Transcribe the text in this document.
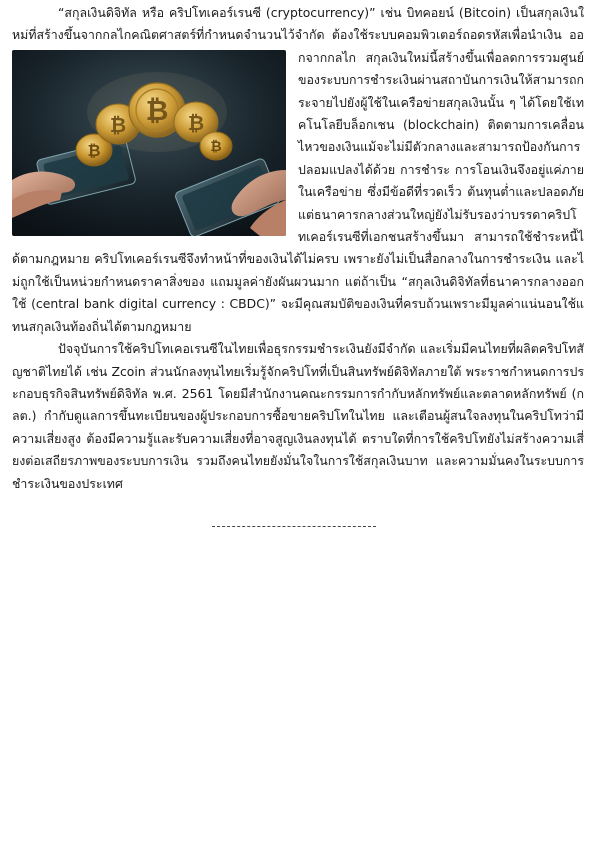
“สกุลเงินดิจิทัล หรือ คริปโทเคอร์เรนซี (cryptocurrency)” เช่น บิทคอยน์ (Bitcoin) เป็นสกุลเงินใหม่ที่สร้างขึ้นจากกลไกคณิตศาสตร์ที่กำหนดจำนวนไว้จำกัด ต้องใช้ระบบคอมพิวเตอร์ถอดรหัสเพื่อนำเงิน
₿
₿ ₿ ₿
₿
ออกจากกลไก สกุลเงินใหม่นี้สร้างขึ้นเพื่อลดการรวมศูนย์ของระบบการชำระเงินผ่านสถาบันการเงินให้สามารถกระจายไปยังผู้ใช้ในเครือข่ายสกุลเงินนั้น ๆ ได้โดยใช้เทคโนโลยีบล็อกเชน (blockchain) ติดตามการเคลื่อน ไหวของเงินแม้จะไม่มีตัวกลางและสามารถป้องกันการปลอมแปลงได้ด้วย การชำระ การโอนเงินจึงอยู่แค่ภายในเครือข่าย ซึ่งมีข้อดีที่รวดเร็ว ต้นทุนต่ำและปลอดภัย แต่ธนาคารกลางส่วนใหญ่ยังไม่รับรองว่าบรรดาคริปโทเคอร์เรนซีที่เอกชนสร้างขึ้นมา สามารถใช้ชำระหนี้ได้ตามกฎหมาย คริปโทเคอร์เรนซีจึงทำหน้าที่ของเงินได้ไม่ครบ เพราะยังไม่เป็นสื่อกลางในการชำระเงิน และไม่ถูกใช้เป็นหน่วยกำหนดราคาสิ่งของ แถมมูลค่ายังผันผวนมาก แต่ถ้าเป็น “สกุลเงินดิจิทัลที่ธนาคารกลางออกใช้ (central bank digital currency : CBDC)” จะมีคุณสมบัติของเงินที่ครบถ้วนเพราะมีมูลค่าแน่นอนใช้แทนสกุลเงินท้องถิ่นได้ตามกฎหมาย

ปัจจุบันการใช้คริปโทเคอเรนซีในไทยเพื่อธุรกรรมชำระเงินยังมีจำกัด และเริ่มมีคนไทยที่ผลิตคริปโทสัญชาติไทยได้ เช่น Zcoin ส่วนนักลงทุนไทยเริ่มรู้จักคริปโทที่เป็นสินทรัพย์ดิจิทัลภายใต้ พระราชกำหนดการประกอบธุรกิจสินทรัพย์ดิจิทัล พ.ศ. 2561 โดยมีสำนักงานคณะกรรมการกำกับหลักทรัพย์และตลาดหลักทรัพย์ (กลต.) กำกับดูแลการขึ้นทะเบียนของผู้ประกอบการซื้อขายคริปโทในไทย และเตือนผู้สนใจลงทุนในคริปโทว่ามีความเสี่ยงสูง ต้องมีความรู้และรับความเสี่ยงที่อาจสูญเงินลงทุนได้ ตราบใดที่การใช้คริปโทยังไม่สร้างความเสี่ยงต่อเสถียรภาพของระบบการเงิน รวมถึงคนไทยยังมั่นใจในการใช้สกุลเงินบาท และความมั่นคงในระบบการชำระเงินของประเทศ
